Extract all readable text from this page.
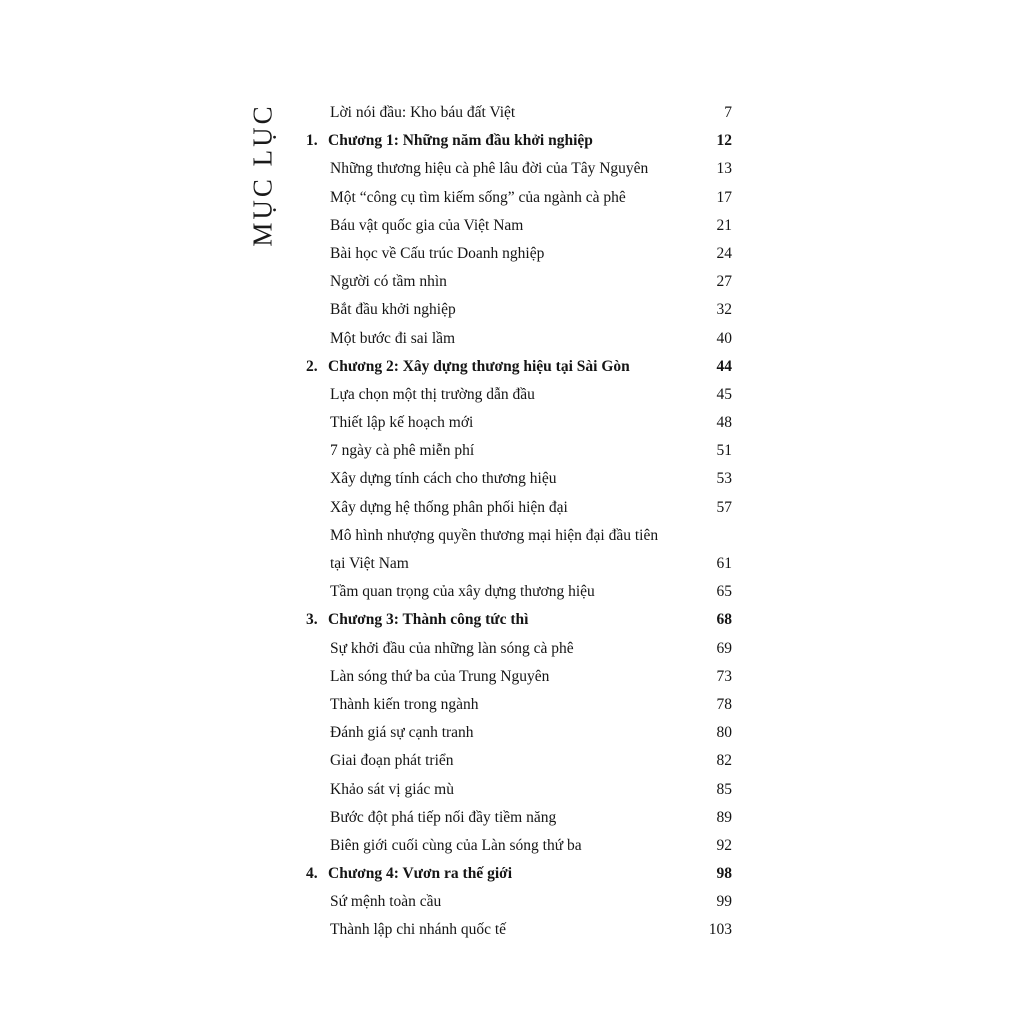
MỤC LỤC	Lời nói đầu: Kho báu đất Việt	7
1. Chương 1: Những năm đầu khởi nghiệp	12
Những thương hiệu cà phê lâu đời của Tây Nguyên	13
Một “công cụ tìm kiếm sống” của ngành cà phê	17
Báu vật quốc gia của Việt Nam	21
Bài học về Cấu trúc Doanh nghiệp	24
Người có tầm nhìn	27
Bắt đầu khởi nghiệp	32
Một bước đi sai lầm	40
2. Chương 2: Xây dựng thương hiệu tại Sài Gòn	44
Lựa chọn một thị trường dẫn đầu	45
Thiết lập kế hoạch mới	48
7 ngày cà phê miễn phí	51
Xây dựng tính cách cho thương hiệu	53
Xây dựng hệ thống phân phối hiện đại	57
Mô hình nhượng quyền thương mại hiện đại đầu tiên
tại Việt Nam	61
Tầm quan trọng của xây dựng thương hiệu	65
3. Chương 3: Thành công tức thì	68
Sự khởi đầu của những làn sóng cà phê	69
Làn sóng thứ ba của Trung Nguyên	73
Thành kiến trong ngành	78
Đánh giá sự cạnh tranh	80
Giai đoạn phát triển	82
Khảo sát vị giác mù	85
Bước đột phá tiếp nối đầy tiềm năng	89
Biên giới cuối cùng của Làn sóng thứ ba	92
4. Chương 4: Vươn ra thế giới	98
Sứ mệnh toàn cầu	99
Thành lập chi nhánh quốc tế	103
